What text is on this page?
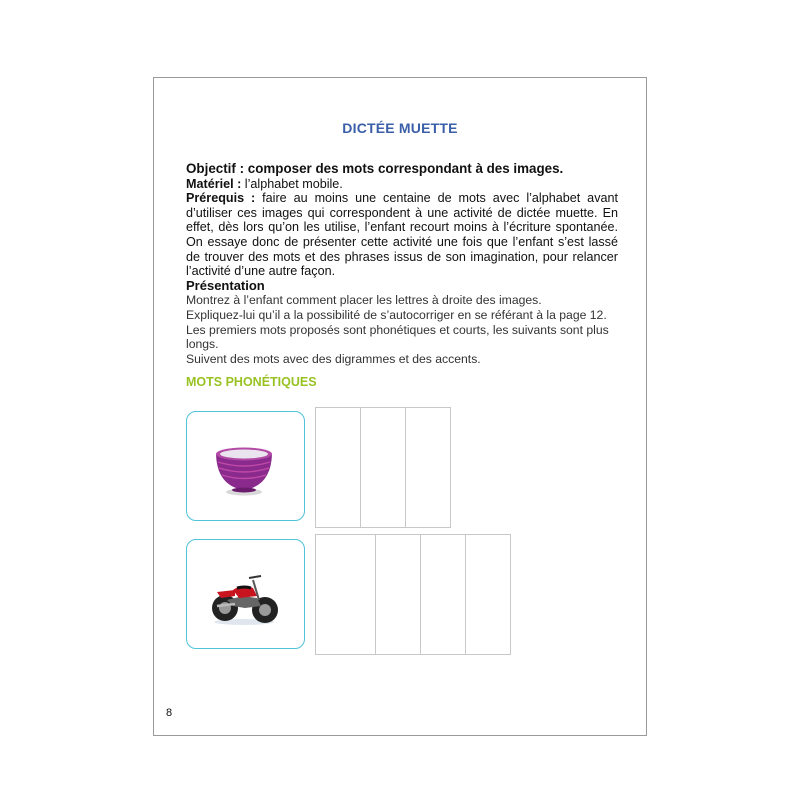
DICTÉE MUETTE

Objectif : composer des mots correspondant à des images.

Matériel : l’alphabet mobile.

Prérequis : faire au moins une centaine de mots avec l’alphabet avant d’utiliser ces images qui correspondent à une activité de dictée muette. En effet, dès lors qu’on les utilise, l’enfant recourt moins à l’écriture spontanée. On essaye donc de présenter cette activité une fois que l’enfant s’est lassé de trouver des mots et des phrases issus de son imagination, pour relancer l’activité d’une autre façon.

Présentation

Montrez à l’enfant comment placer les lettres à droite des images.

Expliquez-lui qu’il a la possibilité de s’autocorriger en se référant à la page 12.

Les premiers mots proposés sont phonétiques et courts, les suivants sont plus longs.

Suivent des mots avec des digrammes et des accents.

MOTS PHONÉTIQUES
8
